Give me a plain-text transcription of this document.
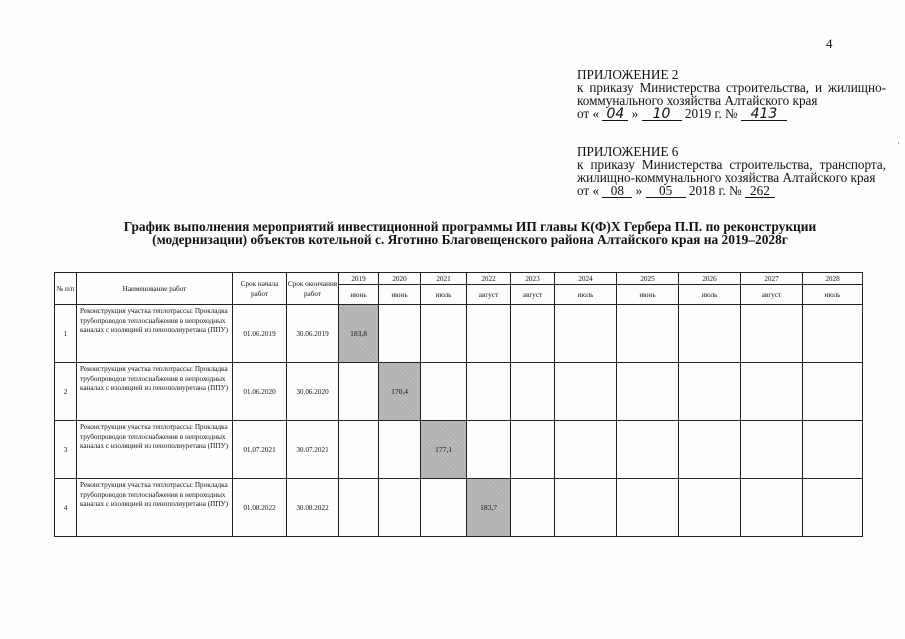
4
ПРИЛОЖЕНИЕ 2
к приказу Министерства строительства, и жилищно-коммунального хозяйства Алтайского края
от « 04 » 10 2019 г. № 413
ПРИЛОЖЕНИЕ 6
к приказу Министерства строительства, транспорта, жилищно-коммунального хозяйства Алтайского края
от « 08 » 05 2018 г. № 262
График выполнения мероприятий инвестиционной программы ИП главы К(Ф)Х Гербера П.П. по реконструкции (модернизации) объектов котельной с. Яготино Благовещенского района Алтайского края на 2019–2028г
№ п/п	Наименование работ	Срок начала работ	Срок окончания работ	2019	2020	2021	2022	2023	2024	2025	2026	2027	2028
				июнь	июнь	июль	август	август	июль	июнь	июль	август	июль
1	Реконструкция участка теплотрассы: Прокладка трубопроводов теплоснабжения в непроходных каналах с изоляцией из пенополиуретана (ППУ)	01.06.2019	30.06.2019	183,8									
2	Реконструкция участка теплотрассы: Прокладка трубопроводов теплоснабжения в непроходных каналах с изоляцией из пенополиуретана (ППУ)	01.06.2020	30.06.2020		170,4								
3	Реконструкция участка теплотрассы: Прокладка трубопроводов теплоснабжения в непроходных каналах с изоляцией из пенополиуретана (ППУ)	01.07.2021	30.07.2021			177,1							
4	Реконструкция участка теплотрассы: Прокладка трубопроводов теплоснабжения в непроходных каналах с изоляцией из пенополиуретана (ППУ)	01.08.2022	30.08.2022				183,7						
·
